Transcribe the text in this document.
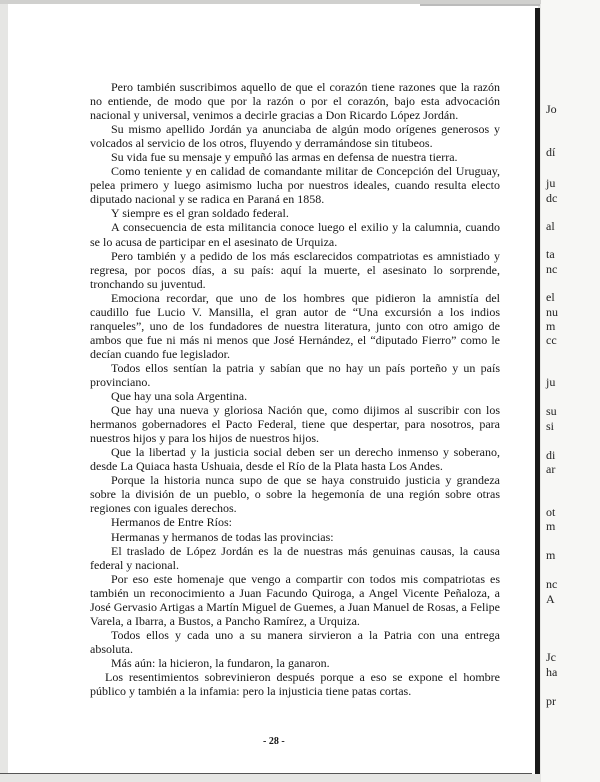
Pero también suscribimos aquello de que el corazón tiene razones que la razón no entiende, de modo que por la razón o por el corazón, bajo esta advocación nacional y universal, venimos a decirle gracias a Don Ricardo López Jordán.

Su mismo apellido Jordán ya anunciaba de algún modo orígenes generosos y volcados al servicio de los otros, fluyendo y derramándose sin titubeos.

Su vida fue su mensaje y empuñó las armas en defensa de nuestra tierra.

Como teniente y en calidad de comandante militar de Concepción del Uruguay, pelea primero y luego asimismo lucha por nuestros ideales, cuando resulta electo diputado nacional y se radica en Paraná en 1858.

Y siempre es el gran soldado federal.

A consecuencia de esta militancia conoce luego el exilio y la calumnia, cuando se lo acusa de participar en el asesinato de Urquiza.

Pero también y a pedido de los más esclarecidos compatriotas es amnistiado y regresa, por pocos días, a su país: aquí la muerte, el asesinato lo sorprende, tronchando su juventud.

Emociona recordar, que uno de los hombres que pidieron la amnistía del caudillo fue Lucio V. Mansilla, el gran autor de “Una excursión a los indios ranqueles”, uno de los fundadores de nuestra literatura, junto con otro amigo de ambos que fue ni más ni menos que José Hernández, el “diputado Fierro” como le decían cuando fue legislador.

Todos ellos sentían la patria y sabían que no hay un país porteño y un país provinciano.

Que hay una sola Argentina.

Que hay una nueva y gloriosa Nación que, como dijimos al suscribir con los hermanos gobernadores el Pacto Federal, tiene que despertar, para nosotros, para nuestros hijos y para los hijos de nuestros hijos.

Que la libertad y la justicia social deben ser un derecho inmenso y soberano, desde La Quiaca hasta Ushuaia, desde el Río de la Plata hasta Los Andes.

Porque la historia nunca supo de que se haya construido justicia y grandeza sobre la división de un pueblo, o sobre la hegemonía de una región sobre otras regiones con iguales derechos.

Hermanos de Entre Ríos:

Hermanas y hermanos de todas las provincias:

El traslado de López Jordán es la de nuestras más genuinas causas, la causa federal y nacional.

Por eso este homenaje que vengo a compartir con todos mis compatriotas es también un reconocimiento a Juan Facundo Quiroga, a Angel Vicente Peñaloza, a José Gervasio Artigas a Martín Miguel de Guemes, a Juan Manuel de Rosas, a Felipe Varela, a Ibarra, a Bustos, a Pancho Ramírez, a Urquiza.

Todos ellos y cada uno a su manera sirvieron a la Patria con una entrega absoluta.

Más aún: la hicieron, la fundaron, la ganaron.

Los resentimientos sobrevinieron después porque a eso se expone el hombre público y también a la infamia: pero la injusticia tiene patas cortas.

- 28 -
Jo
dí
ju
dc
al
ta
nc
el
nu
m
cc
ju
su
si
di
ar
ot
m
m
nc
A
Jc
ha
pr
